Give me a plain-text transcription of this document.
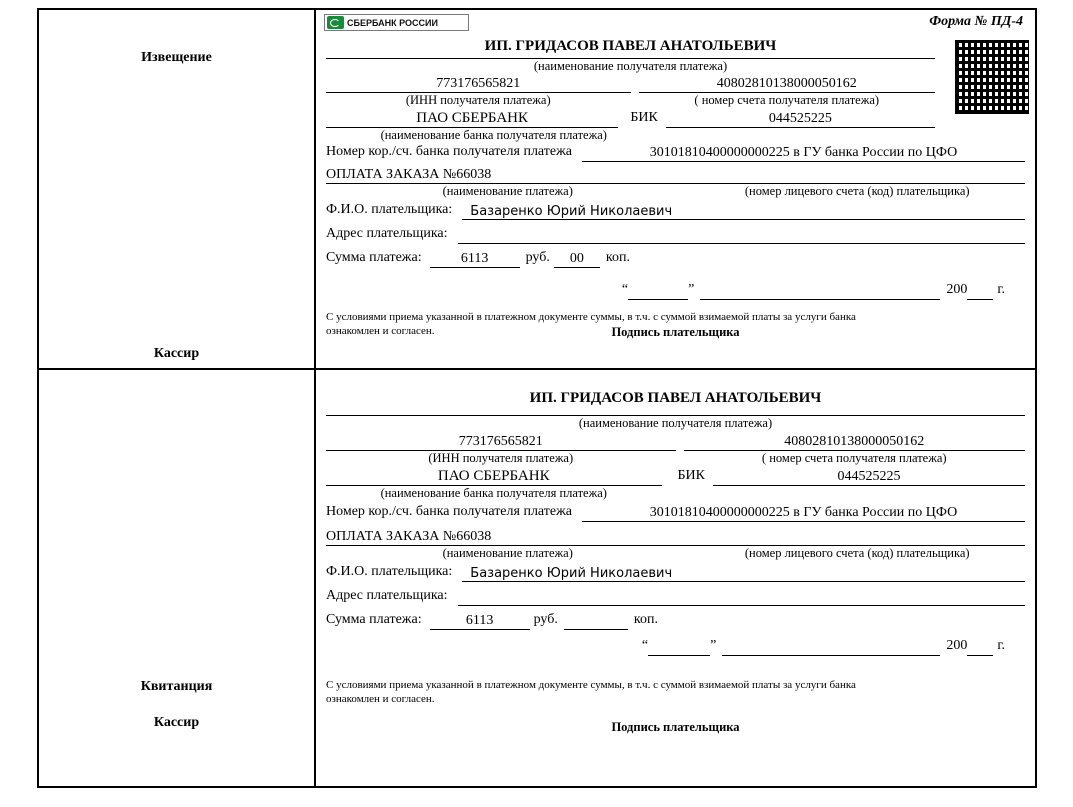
Извещение
Кассир
СБЕРБАНК РОССИИ	Форма № ПД-4
ИП. ГРИДАСОВ ПАВЕЛ АНАТОЛЬЕВИЧ
(наименование получателя платежа)
773176565821
(ИНН получателя платежа)
40802810138000050162
( номер счета получателя платежа)
ПАО СБЕРБАНК	БИК	044525225
(наименование банка получателя платежа)
Номер кор./сч. банка получателя платежа	30101810400000000225 в ГУ банка России по ЦФО
ОПЛАТА ЗАКАЗА №66038
(наименование платежа)	(номер лицевого счета (код) плательщика)
Ф.И.О. плательщика:	Базаренко Юрий Николаевич
Адрес плательщика:
Сумма платежа:	6113	руб.	00	коп.
“	”	200 г.
С условиями приема указанной в платежном документе суммы, в т.ч. с суммой взимаемой платы за услуги банка
ознакомлен и согласен.	Подпись плательщика
Квитанция
Кассир
ИП. ГРИДАСОВ ПАВЕЛ АНАТОЛЬЕВИЧ
(наименование получателя платежа)
773176565821
(ИНН получателя платежа)
40802810138000050162
( номер счета получателя платежа)
ПАО СБЕРБАНК	БИК	044525225
(наименование банка получателя платежа)
Номер кор./сч. банка получателя платежа	30101810400000000225 в ГУ банка России по ЦФО
ОПЛАТА ЗАКАЗА №66038
(наименование платежа)	(номер лицевого счета (код) плательщика)
Ф.И.О. плательщика:	Базаренко Юрий Николаевич
Адрес плательщика:
Сумма платежа:	6113	руб.	коп.
“	”	200 г.
С условиями приема указанной в платежном документе суммы, в т.ч. с суммой взимаемой платы за услуги банка
ознакомлен и согласен.
Подпись плательщика
